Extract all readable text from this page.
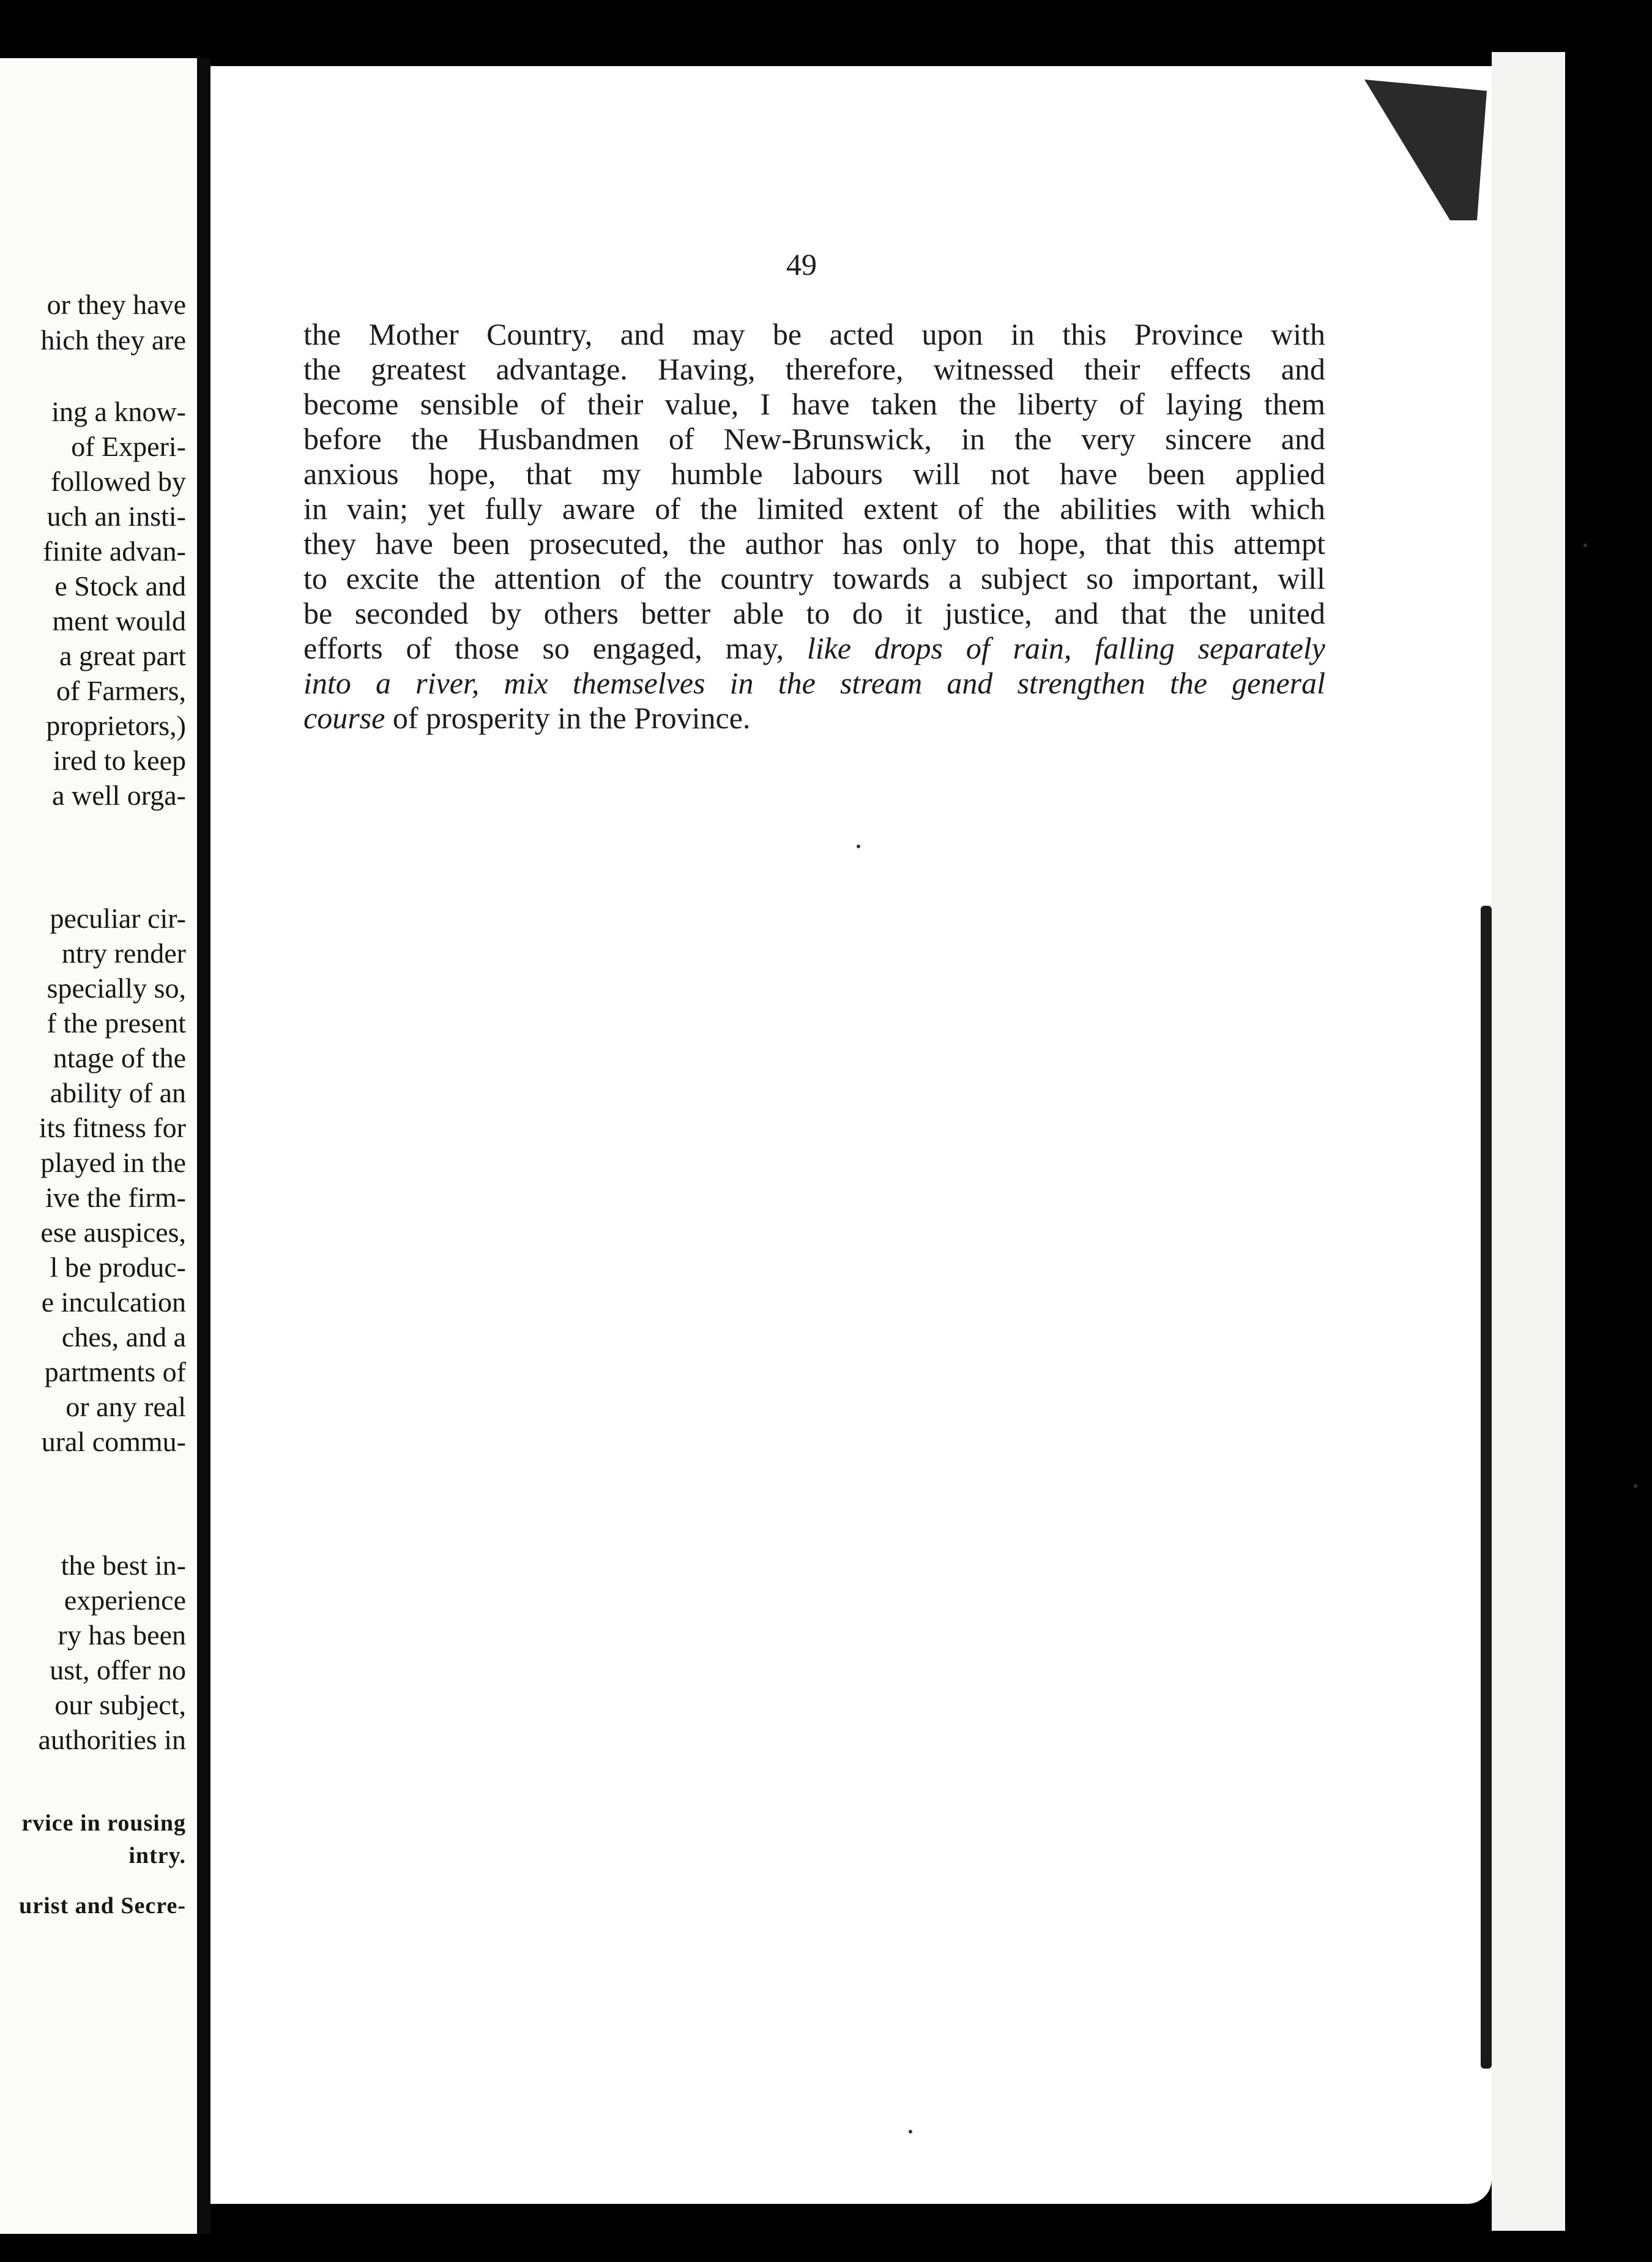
or they have
hich they are
ing a know-
of Experi-
followed by
uch an insti-
finite advan-
e Stock and
ment would
a great part
of Farmers,
proprietors,)
ired to keep
a well orga-
peculiar cir-
ntry render
specially so,
f the present
ntage of the
ability of an
its fitness for
played in the
ive the firm-
ese auspices,
l be produc-
e inculcation
ches, and a
partments of
or any real
ural commu-
the best in-
experience
ry has been
ust, offer no
our subject,
authorities in
rvice in rousing
intry.
urist and Secre-
49
the Mother Country, and may be acted upon in this Province with
the greatest advantage. Having, therefore, witnessed their effects and
become sensible of their value, I have taken the liberty of laying them
before the Husbandmen of New-Brunswick, in the very sincere and
anxious hope, that my humble labours will not have been applied
in vain; yet fully aware of the limited extent of the abilities with which
they have been prosecuted, the author has only to hope, that this attempt
to excite the attention of the country towards a subject so important, will
be seconded by others better able to do it justice, and that the united
efforts of those so engaged, may, like drops of rain, falling separately
into a river, mix themselves in the stream and strengthen the general
course of prosperity in the Province.
